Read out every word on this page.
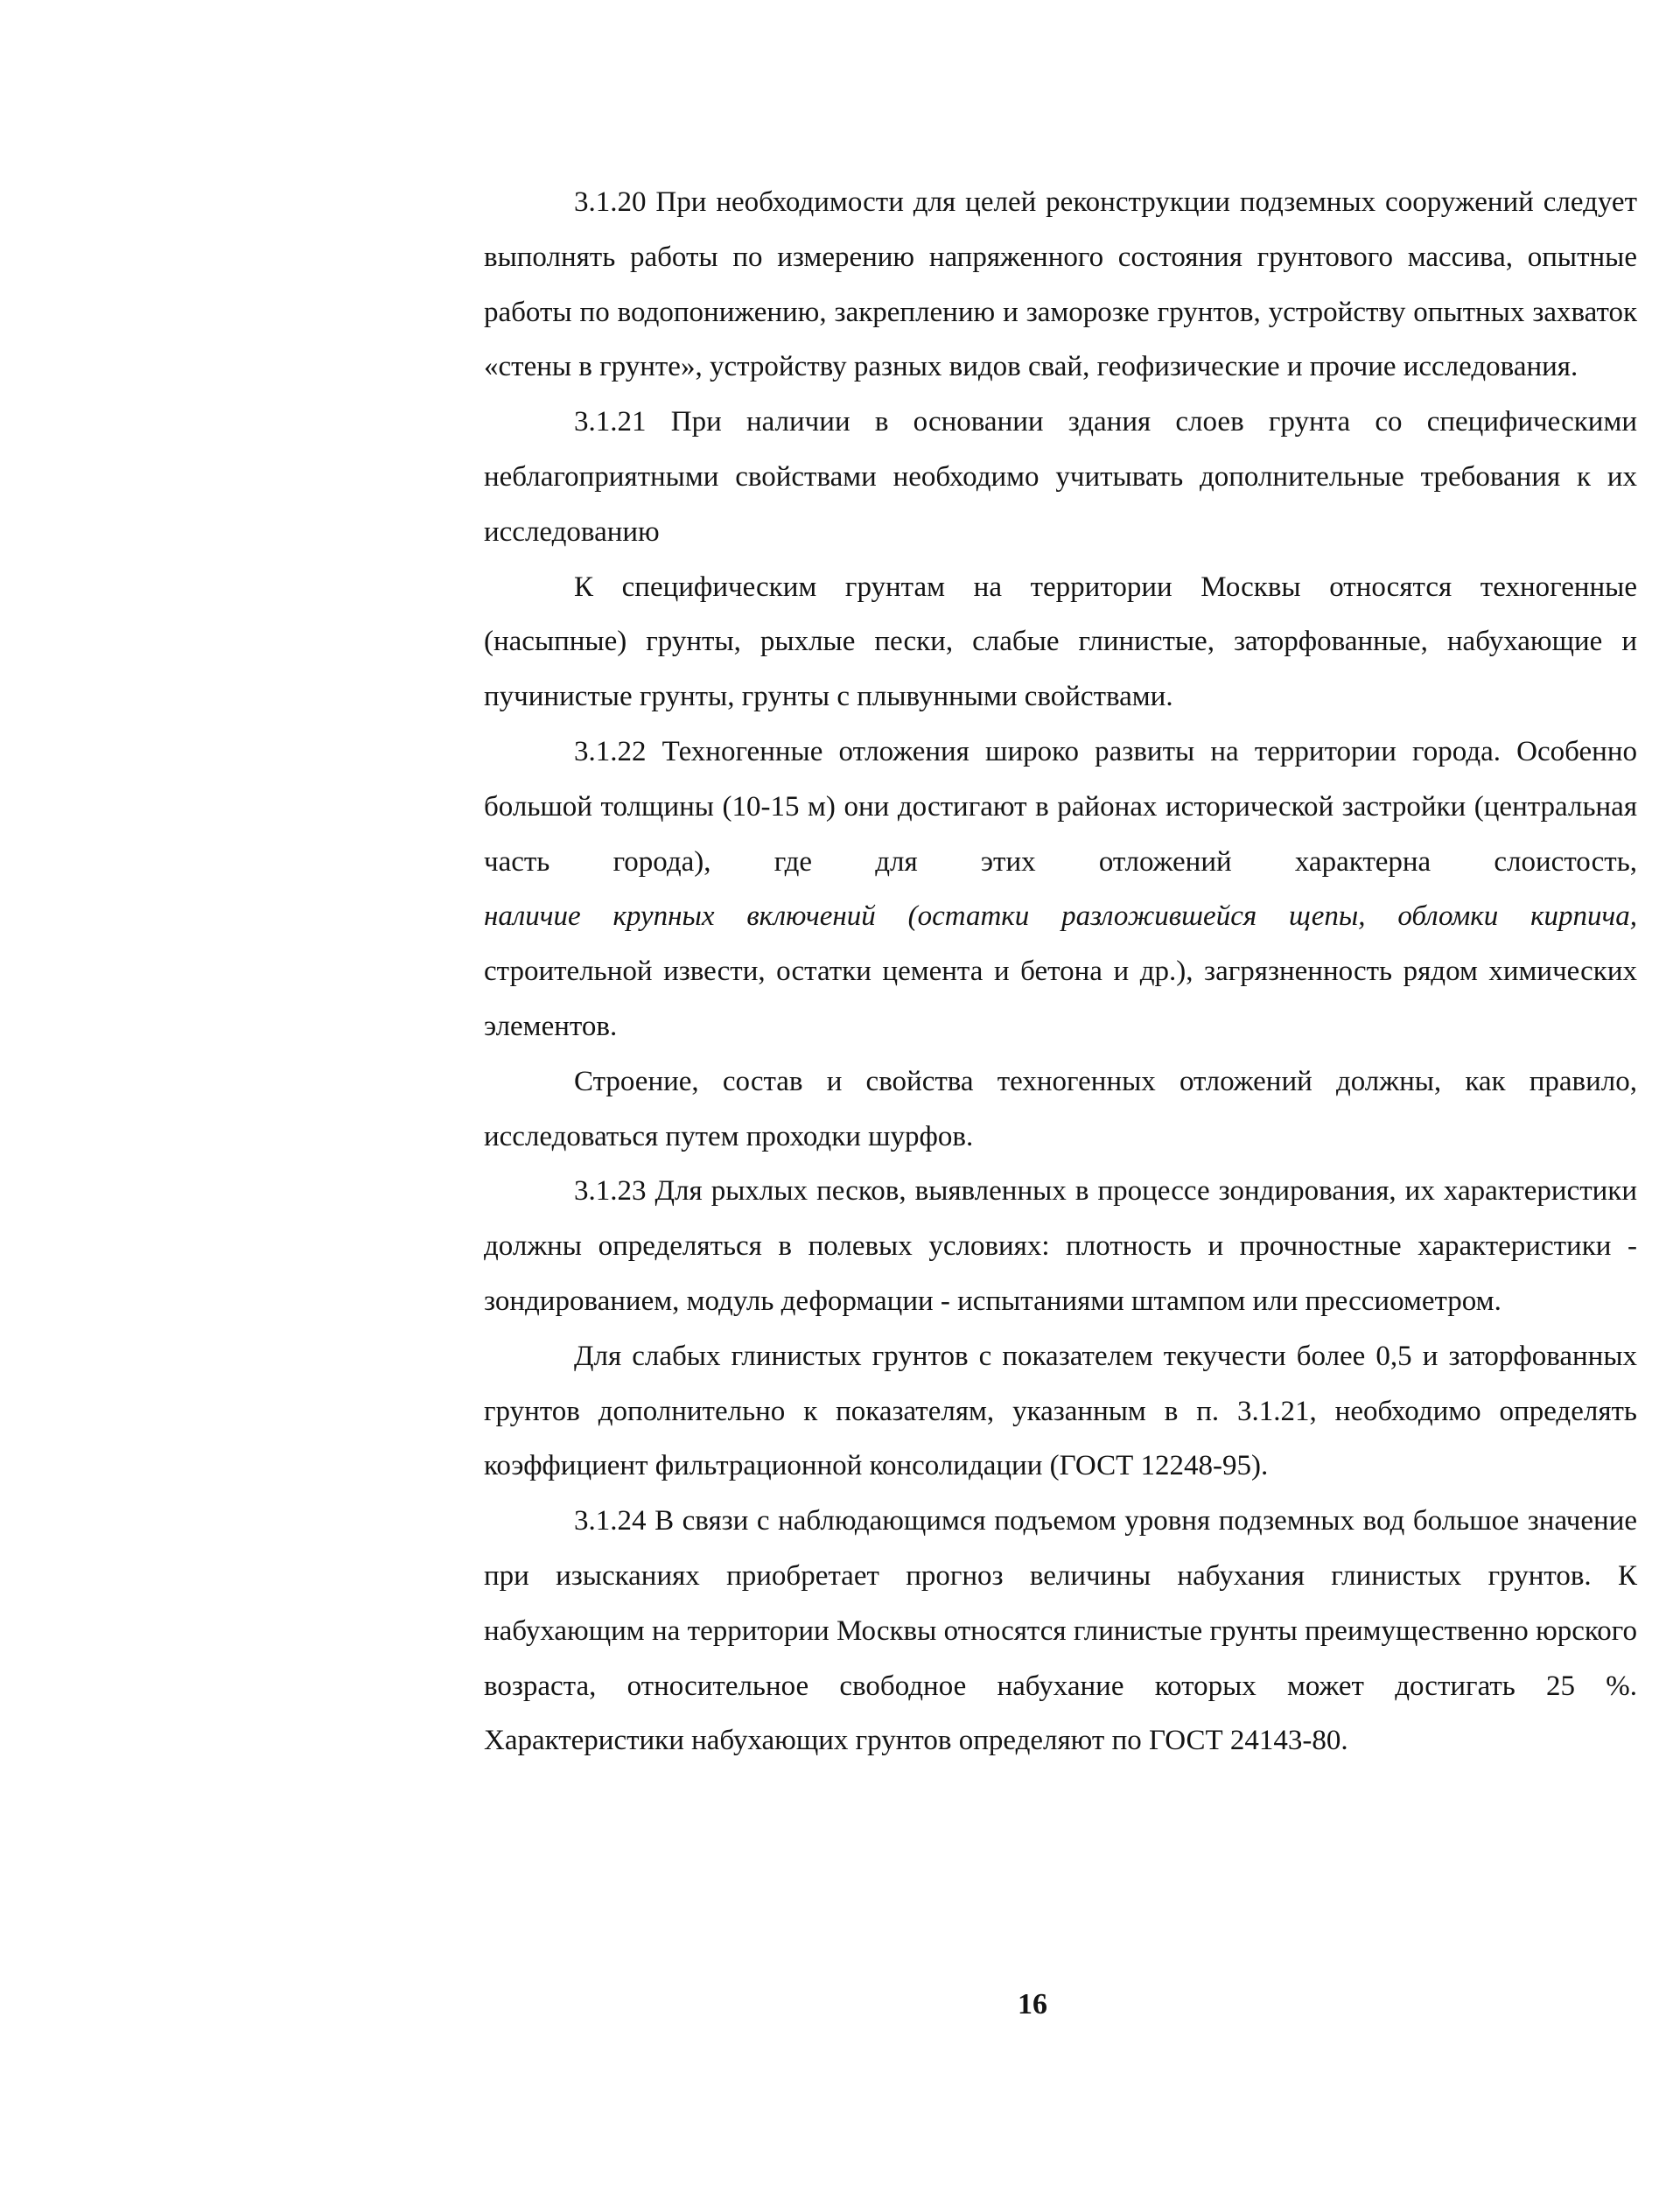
3.1.20 При необходимости для целей реконструкции подземных сооружений следует выполнять работы по измерению напряженного состояния грунтового массива, опытные работы по водопонижению, закреплению и заморозке грунтов, устройству опытных захваток «стены в грунте», устройству разных видов свай, геофизические и прочие исследования.

3.1.21 При наличии в основании здания слоев грунта со специфическими неблагоприятными свойствами необходимо учитывать дополнительные требования к их исследованию

К специфическим грунтам на территории Москвы относятся техногенные (насыпные) грунты, рыхлые пески, слабые глинистые, заторфованные, набухающие и пучинистые грунты, грунты с плывунными свойствами.

3.1.22 Техногенные отложения широко развиты на территории города. Особенно большой толщины (10-15 м) они достигают в районах исторической застройки (центральная часть города), где для этих отложений характерна слоистость,

наличие крупных включений (остатки разложившейся щепы, обломки кирпича,

строительной извести, остатки цемента и бетона и др.), загрязненность рядом химических элементов.

Строение, состав и свойства техногенных отложений должны, как правило, исследоваться путем проходки шурфов.

3.1.23 Для рыхлых песков, выявленных в процессе зондирования, их характеристики должны определяться в полевых условиях: плотность и прочностные характеристики - зондированием, модуль деформации - испытаниями штампом или прессиометром.

Для слабых глинистых грунтов с показателем текучести более 0,5 и заторфованных грунтов дополнительно к показателям, указанным в п. 3.1.21, необходимо определять коэффициент фильтрационной консолидации (ГОСТ 12248-95).

3.1.24 В связи с наблюдающимся подъемом уровня подземных вод большое значение при изысканиях приобретает прогноз величины набухания глинистых грунтов. К набухающим на территории Москвы относятся глинистые грунты преимущественно юрского возраста, относительное свободное набухание которых может достигать 25 %. Характеристики набухающих грунтов определяют по ГОСТ 24143-80.

16
